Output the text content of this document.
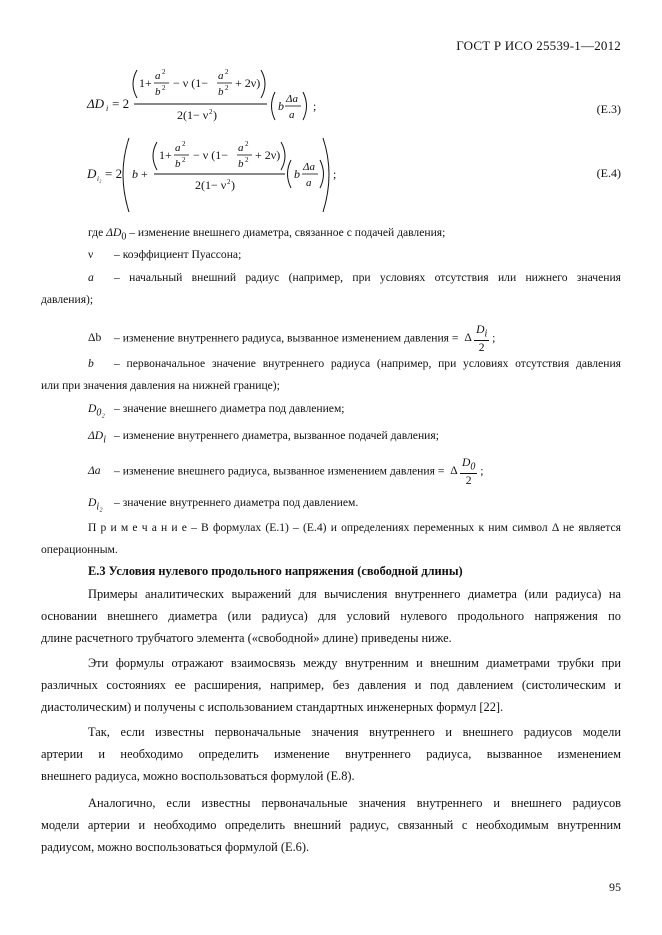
ГОСТ Р ИСО 25539-1—2012
ΔD i = 2
1+ a 2
b 2 − ν (1− a 2
b 2 + 2ν)
2(1− ν 2 )
b Δa
a
;	(Е.3)
D i₂ = 2 b +
1+ a 2
b 2 − ν (1− a 2
b 2 + 2ν)
2(1− ν 2 )
b Δa
a
;	(Е.4)
где $\Delta D_0$ – изменение внешнего диаметра, связанное с подачей давления;
ν – коэффициент Пуассона;
a – начальный внешний радиус (например, при условиях отсутствия или нижнего значения
давления);
Δb – изменение внутреннего радиуса, вызванное изменением давления = Δ $\frac{D_i}{2}$ ;
b – первоначальное значение внутреннего радиуса (например, при условиях отсутствия давления
или при значения давления на нижней границе);
$D_{0_2}$ – значение внешнего диаметра под давлением;
$\Delta D_i$ – изменение внутреннего диаметра, вызванное подачей давления;
Δa – изменение внешнего радиуса, вызванное изменением давления = Δ $\frac{D_0}{2}$ ;
$D_{i_2}$ – значение внутреннего диаметра под давлением.
П р и м е ч а н и е – В формулах (Е.1) – (Е.4) и определениях переменных к ним символ Δ не является
операционным.
Е.3 Условия нулевого продольного напряжения (свободной длины)
Примеры аналитических выражений для вычисления внутреннего диаметра (или радиуса) на
основании внешнего диаметра (или радиуса) для условий нулевого продольного напряжения по
длине расчетного трубчатого элемента («свободной» длине) приведены ниже.
Эти формулы отражают взаимосвязь между внутренним и внешним диаметрами трубки при
различных состояниях ее расширения, например, без давления и под давлением (систолическим и
диастолическим) и получены с использованием стандартных инженерных формул [22].
Так, если известны первоначальные значения внутреннего и внешнего радиусов модели
артерии и необходимо определить изменение внутреннего радиуса, вызванное изменением
внешнего радиуса, можно воспользоваться формулой (Е.8).
Аналогично, если известны первоначальные значения внутреннего и внешнего радиусов
модели артерии и необходимо определить внешний радиус, связанный с необходимым внутренним
радиусом, можно воспользоваться формулой (Е.6).
95
